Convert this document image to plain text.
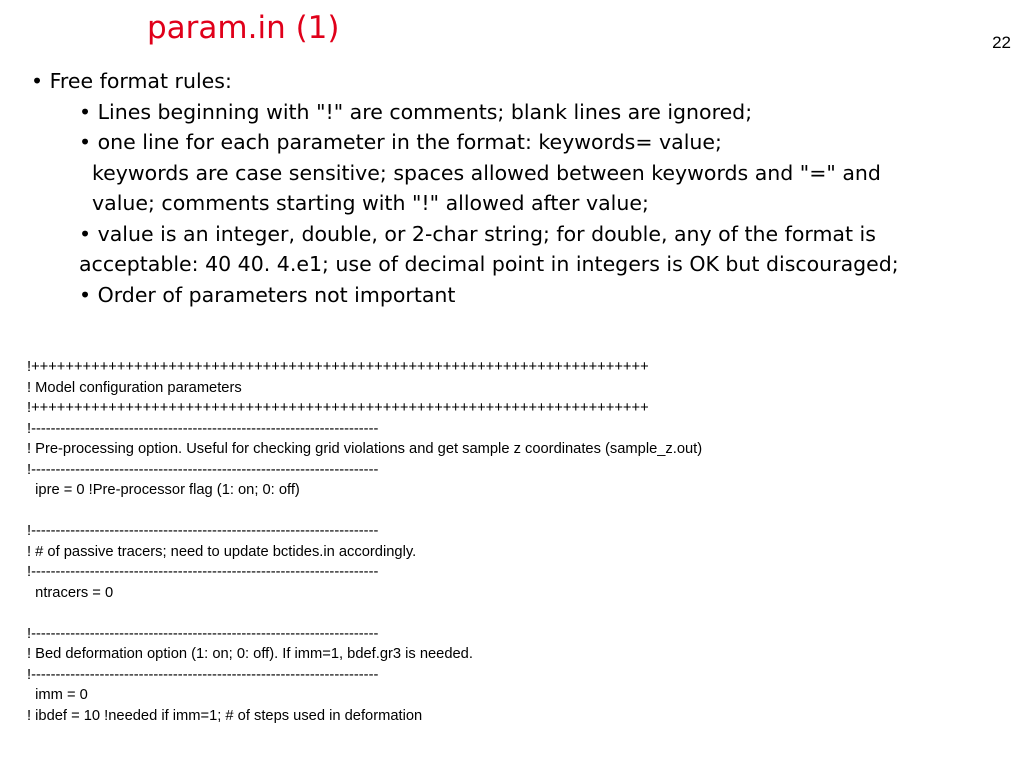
param.in (1)	22
• Free format rules:
• Lines beginning with "!" are comments; blank lines are ignored;
• one line for each parameter in the format: keywords= value;
keywords are case sensitive; spaces allowed between keywords and "=" and
value; comments starting with "!" allowed after value;
• value is an integer, double, or 2-char string; for double, any of the format is
acceptable: 40 40. 4.e1; use of decimal point in integers is OK but discouraged;
• Order of parameters not important
!++++++++++++++++++++++++++++++++++++++++++++++++++++++++++++++++++++++++
! Model configuration parameters
!++++++++++++++++++++++++++++++++++++++++++++++++++++++++++++++++++++++++
!-----------------------------------------------------------------------
! Pre-processing option. Useful for checking grid violations and get sample z coordinates (sample_z.out)
!-----------------------------------------------------------------------
ipre = 0 !Pre-processor flag (1: on; 0: off)
!-----------------------------------------------------------------------
! # of passive tracers; need to update bctides.in accordingly.
!-----------------------------------------------------------------------
ntracers = 0
!-----------------------------------------------------------------------
! Bed deformation option (1: on; 0: off). If imm=1, bdef.gr3 is needed.
!-----------------------------------------------------------------------
imm = 0
! ibdef = 10 !needed if imm=1; # of steps used in deformation
